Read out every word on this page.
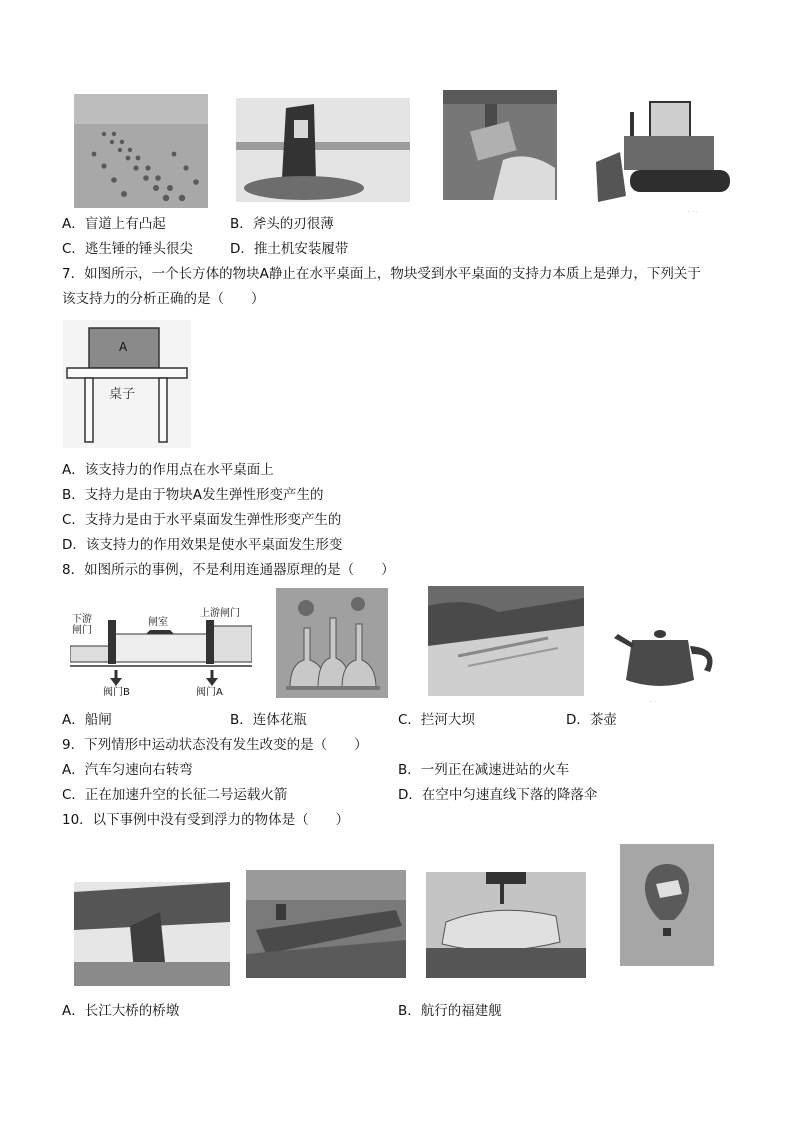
. . .
A．盲道上有凸起	B．斧头的刃很薄
C．逃生锤的锤头很尖	D．推土机安装履带
7．如图所示，一个长方体的物块A静止在水平桌面上，物块受到水平桌面的支持力本质上是弹力，下列关于
该支持力的分析正确的是（　　）
A
桌子
A．该支持力的作用点在水平桌面上
B．支持力是由于物块A发生弹性形变产生的
C．支持力是由于水平桌面发生弹性形变产生的
D．该支持力的作用效果是使水平桌面发生形变
8．如图所示的事例，不是利用连通器原理的是（　　）
下游
闸门
闸室
上游闸门
阀门B	阀门A
· ·
A．船闸	B．连体花瓶	C．拦河大坝	D．茶壶
9．下列情形中运动状态没有发生改变的是（　　）
A．汽车匀速向右转弯	B．一列正在减速进站的火车
C．正在加速升空的长征二号运载火箭	D．在空中匀速直线下落的降落伞
10．以下事例中没有受到浮力的物体是（　　）
A．长江大桥的桥墩	B．航行的福建舰
